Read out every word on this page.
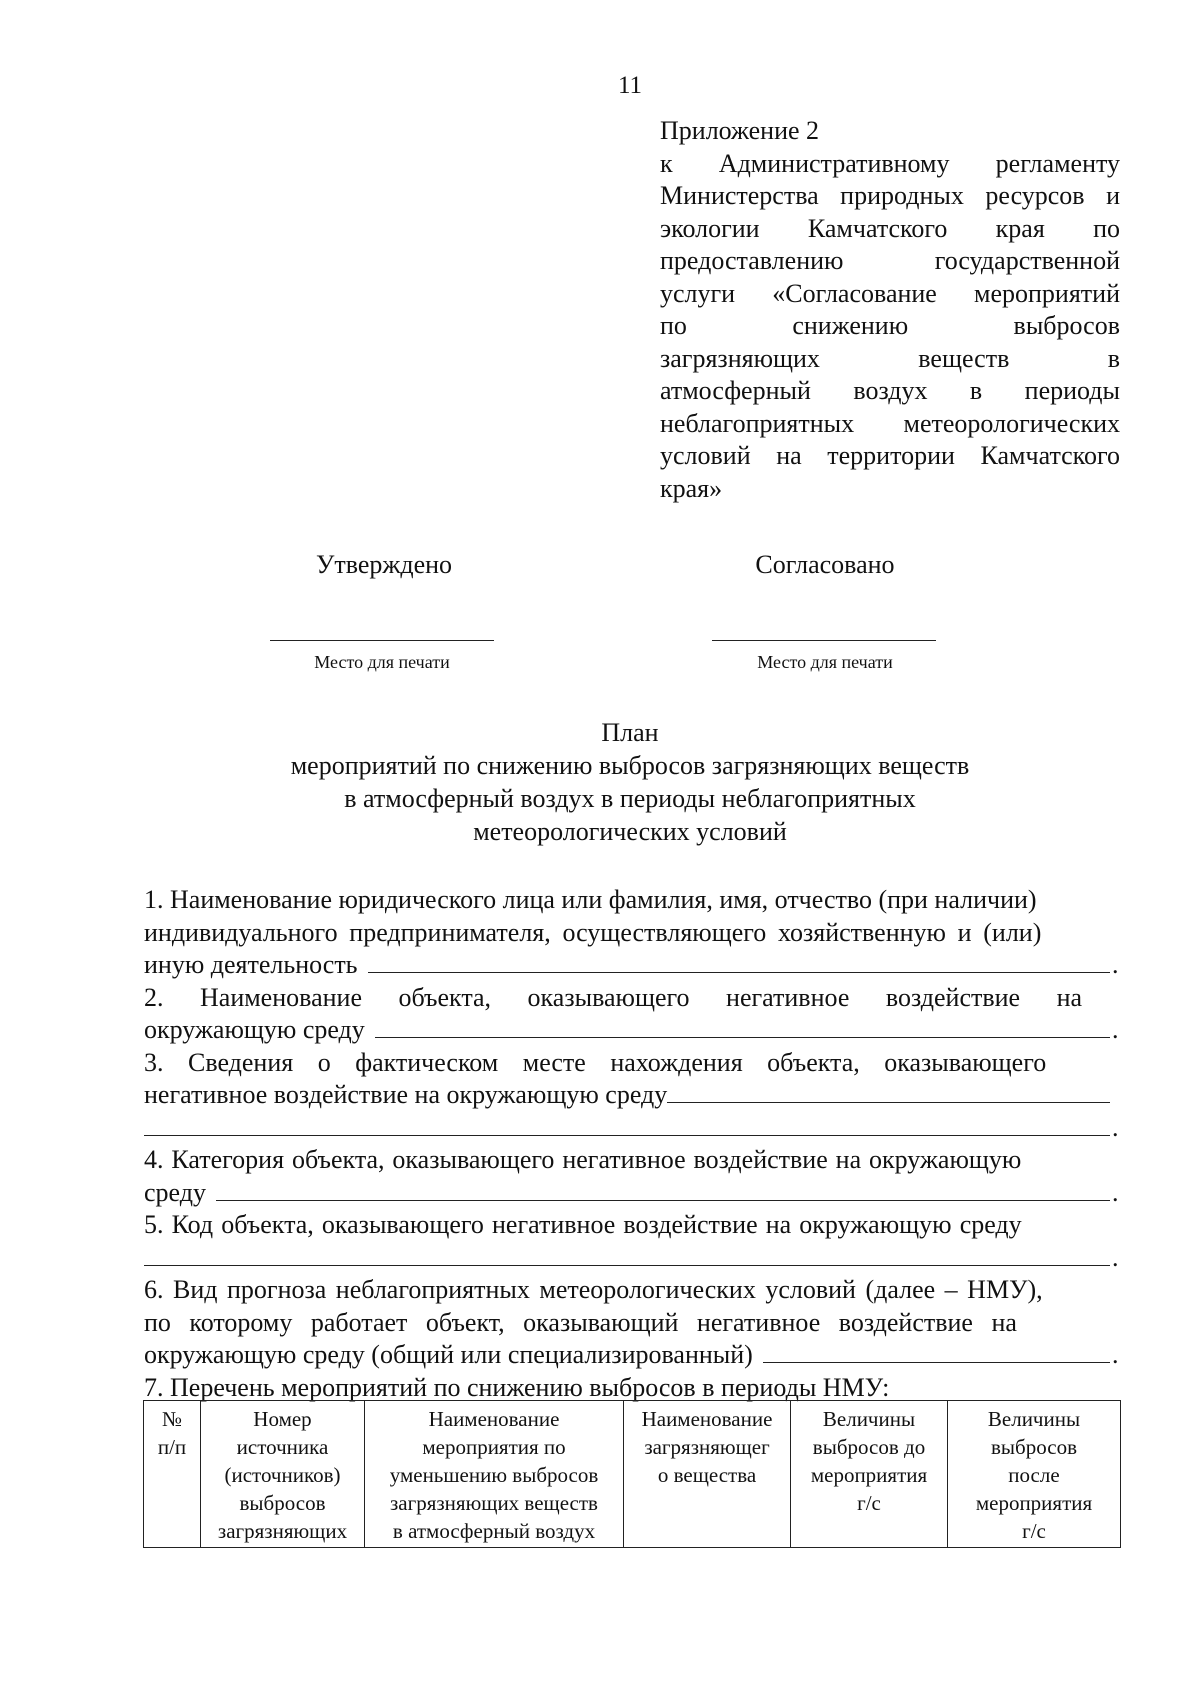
11
Приложение 2
к Административному регламенту
Министерства природных ресурсов и
экологии Камчатского края по
предоставлению государственной
услуги «Согласование мероприятий
по снижению выбросов
загрязняющих веществ в
атмосферный воздух в периоды
неблагоприятных метеорологических
условий на территории Камчатского
края»
Утверждено	Согласовано
Место для печати	Место для печати
План
мероприятий по снижению выбросов загрязняющих веществ
в атмосферный воздух в периоды неблагоприятных
метеорологических условий
1. Наименование юридического лица или фамилия, имя, отчество (при наличии)
индивидуального предпринимателя, осуществляющего хозяйственную и (или)
иную деятельность	.
2. Наименование объекта, оказывающего негативное воздействие на
окружающую среду	.
3. Сведения о фактическом месте нахождения объекта, оказывающего
негативное воздействие на окружающую среду
.
4. Категория объекта, оказывающего негативное воздействие на окружающую
среду	.
5. Код объекта, оказывающего негативное воздействие на окружающую среду
.
6. Вид прогноза неблагоприятных метеорологических условий (далее – НМУ),
по которому работает объект, оказывающий негативное воздействие на
окружающую среду (общий или специализированный)	.
7. Перечень мероприятий по снижению выбросов в периоды НМУ:
№
п/п

Номер
источника
(источников)
выбросов
загрязняющих

Наименование
мероприятия по
уменьшению выбросов
загрязняющих веществ
в атмосферный воздух

Наименование
загрязняющег
о вещества

Величины
выбросов до
мероприятия
г/с

Величины
выбросов
после
мероприятия
г/с
